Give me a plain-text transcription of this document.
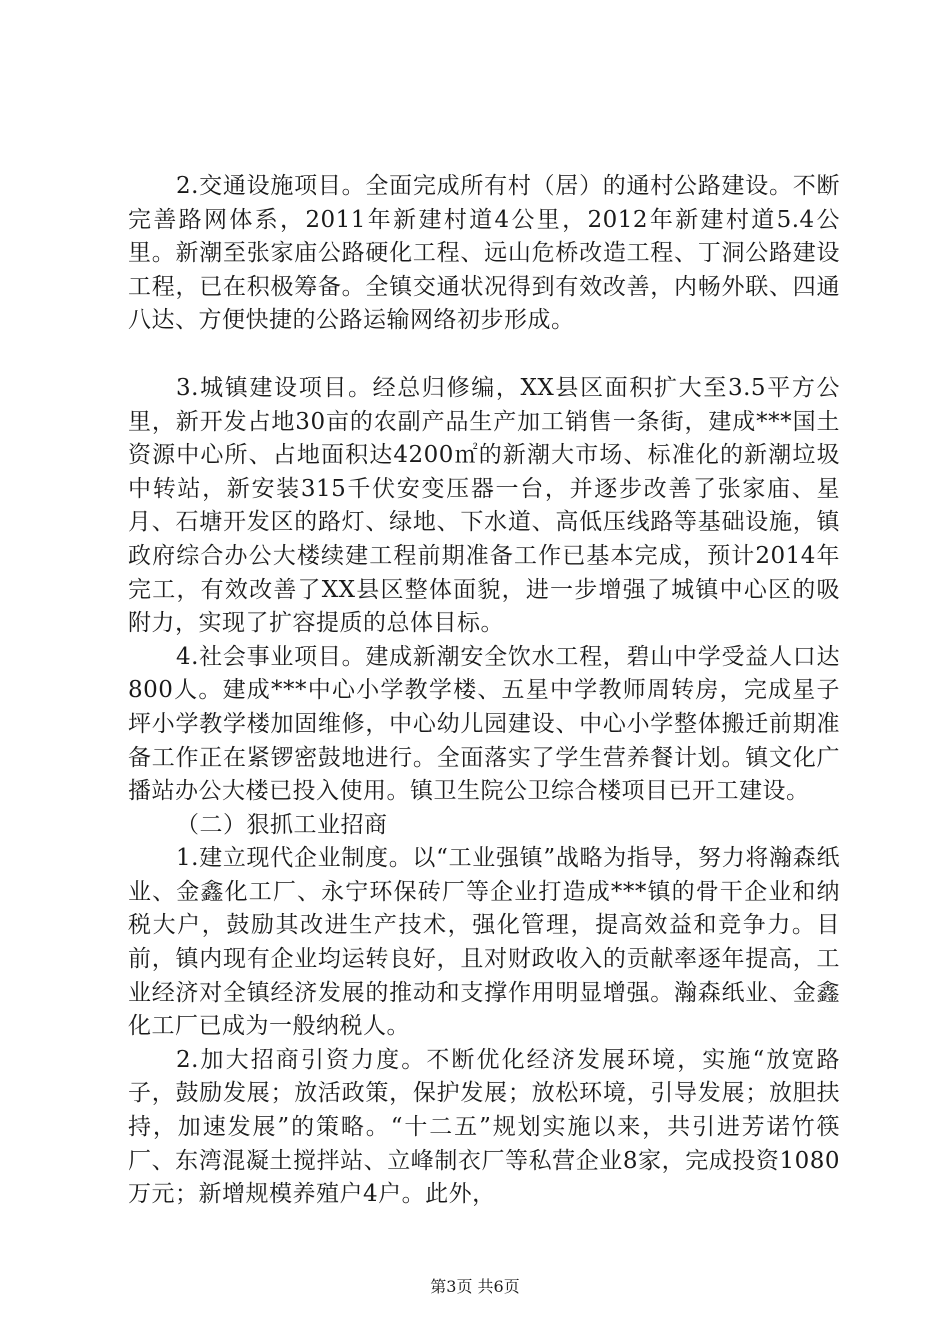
2.交通设施项目。全面完成所有村（居）的通村公路建设。不断完善路网体系，2011年新建村道4公里，2012年新建村道5.4公里。新潮至张家庙公路硬化工程、远山危桥改造工程、丁洞公路建设工程，已在积极筹备。全镇交通状况得到有效改善，内畅外联、四通八达、方便快捷的公路运输网络初步形成。

3.城镇建设项目。经总归修编，XX县区面积扩大至3.5平方公里，新开发占地30亩的农副产品生产加工销售一条街，建成***国土资源中心所、占地面积达4200㎡的新潮大市场、标准化的新潮垃圾中转站，新安装315千伏安变压器一台，并逐步改善了张家庙、星月、石塘开发区的路灯、绿地、下水道、高低压线路等基础设施，镇政府综合办公大楼续建工程前期准备工作已基本完成，预计2014年完工，有效改善了XX县区整体面貌，进一步增强了城镇中心区的吸附力，实现了扩容提质的总体目标。

4.社会事业项目。建成新潮安全饮水工程，碧山中学受益人口达800人。建成***中心小学教学楼、五星中学教师周转房，完成星子坪小学教学楼加固维修，中心幼儿园建设、中心小学整体搬迁前期准备工作正在紧锣密鼓地进行。全面落实了学生营养餐计划。镇文化广播站办公大楼已投入使用。镇卫生院公卫综合楼项目已开工建设。

（二）狠抓工业招商

1.建立现代企业制度。以“工业强镇”战略为指导，努力将瀚森纸业、金鑫化工厂、永宁环保砖厂等企业打造成***镇的骨干企业和纳税大户，鼓励其改进生产技术，强化管理，提高效益和竞争力。目前，镇内现有企业均运转良好，且对财政收入的贡献率逐年提高，工业经济对全镇经济发展的推动和支撑作用明显增强。瀚森纸业、金鑫化工厂已成为一般纳税人。

2.加大招商引资力度。不断优化经济发展环境，实施“放宽路子，鼓励发展；放活政策，保护发展；放松环境，引导发展；放胆扶持，加速发展”的策略。“十二五”规划实施以来，共引进芳诺竹筷厂、东湾混凝土搅拌站、立峰制衣厂等私营企业8家，完成投资1080万元；新增规模养殖户4户。此外，

第3页 共6页
